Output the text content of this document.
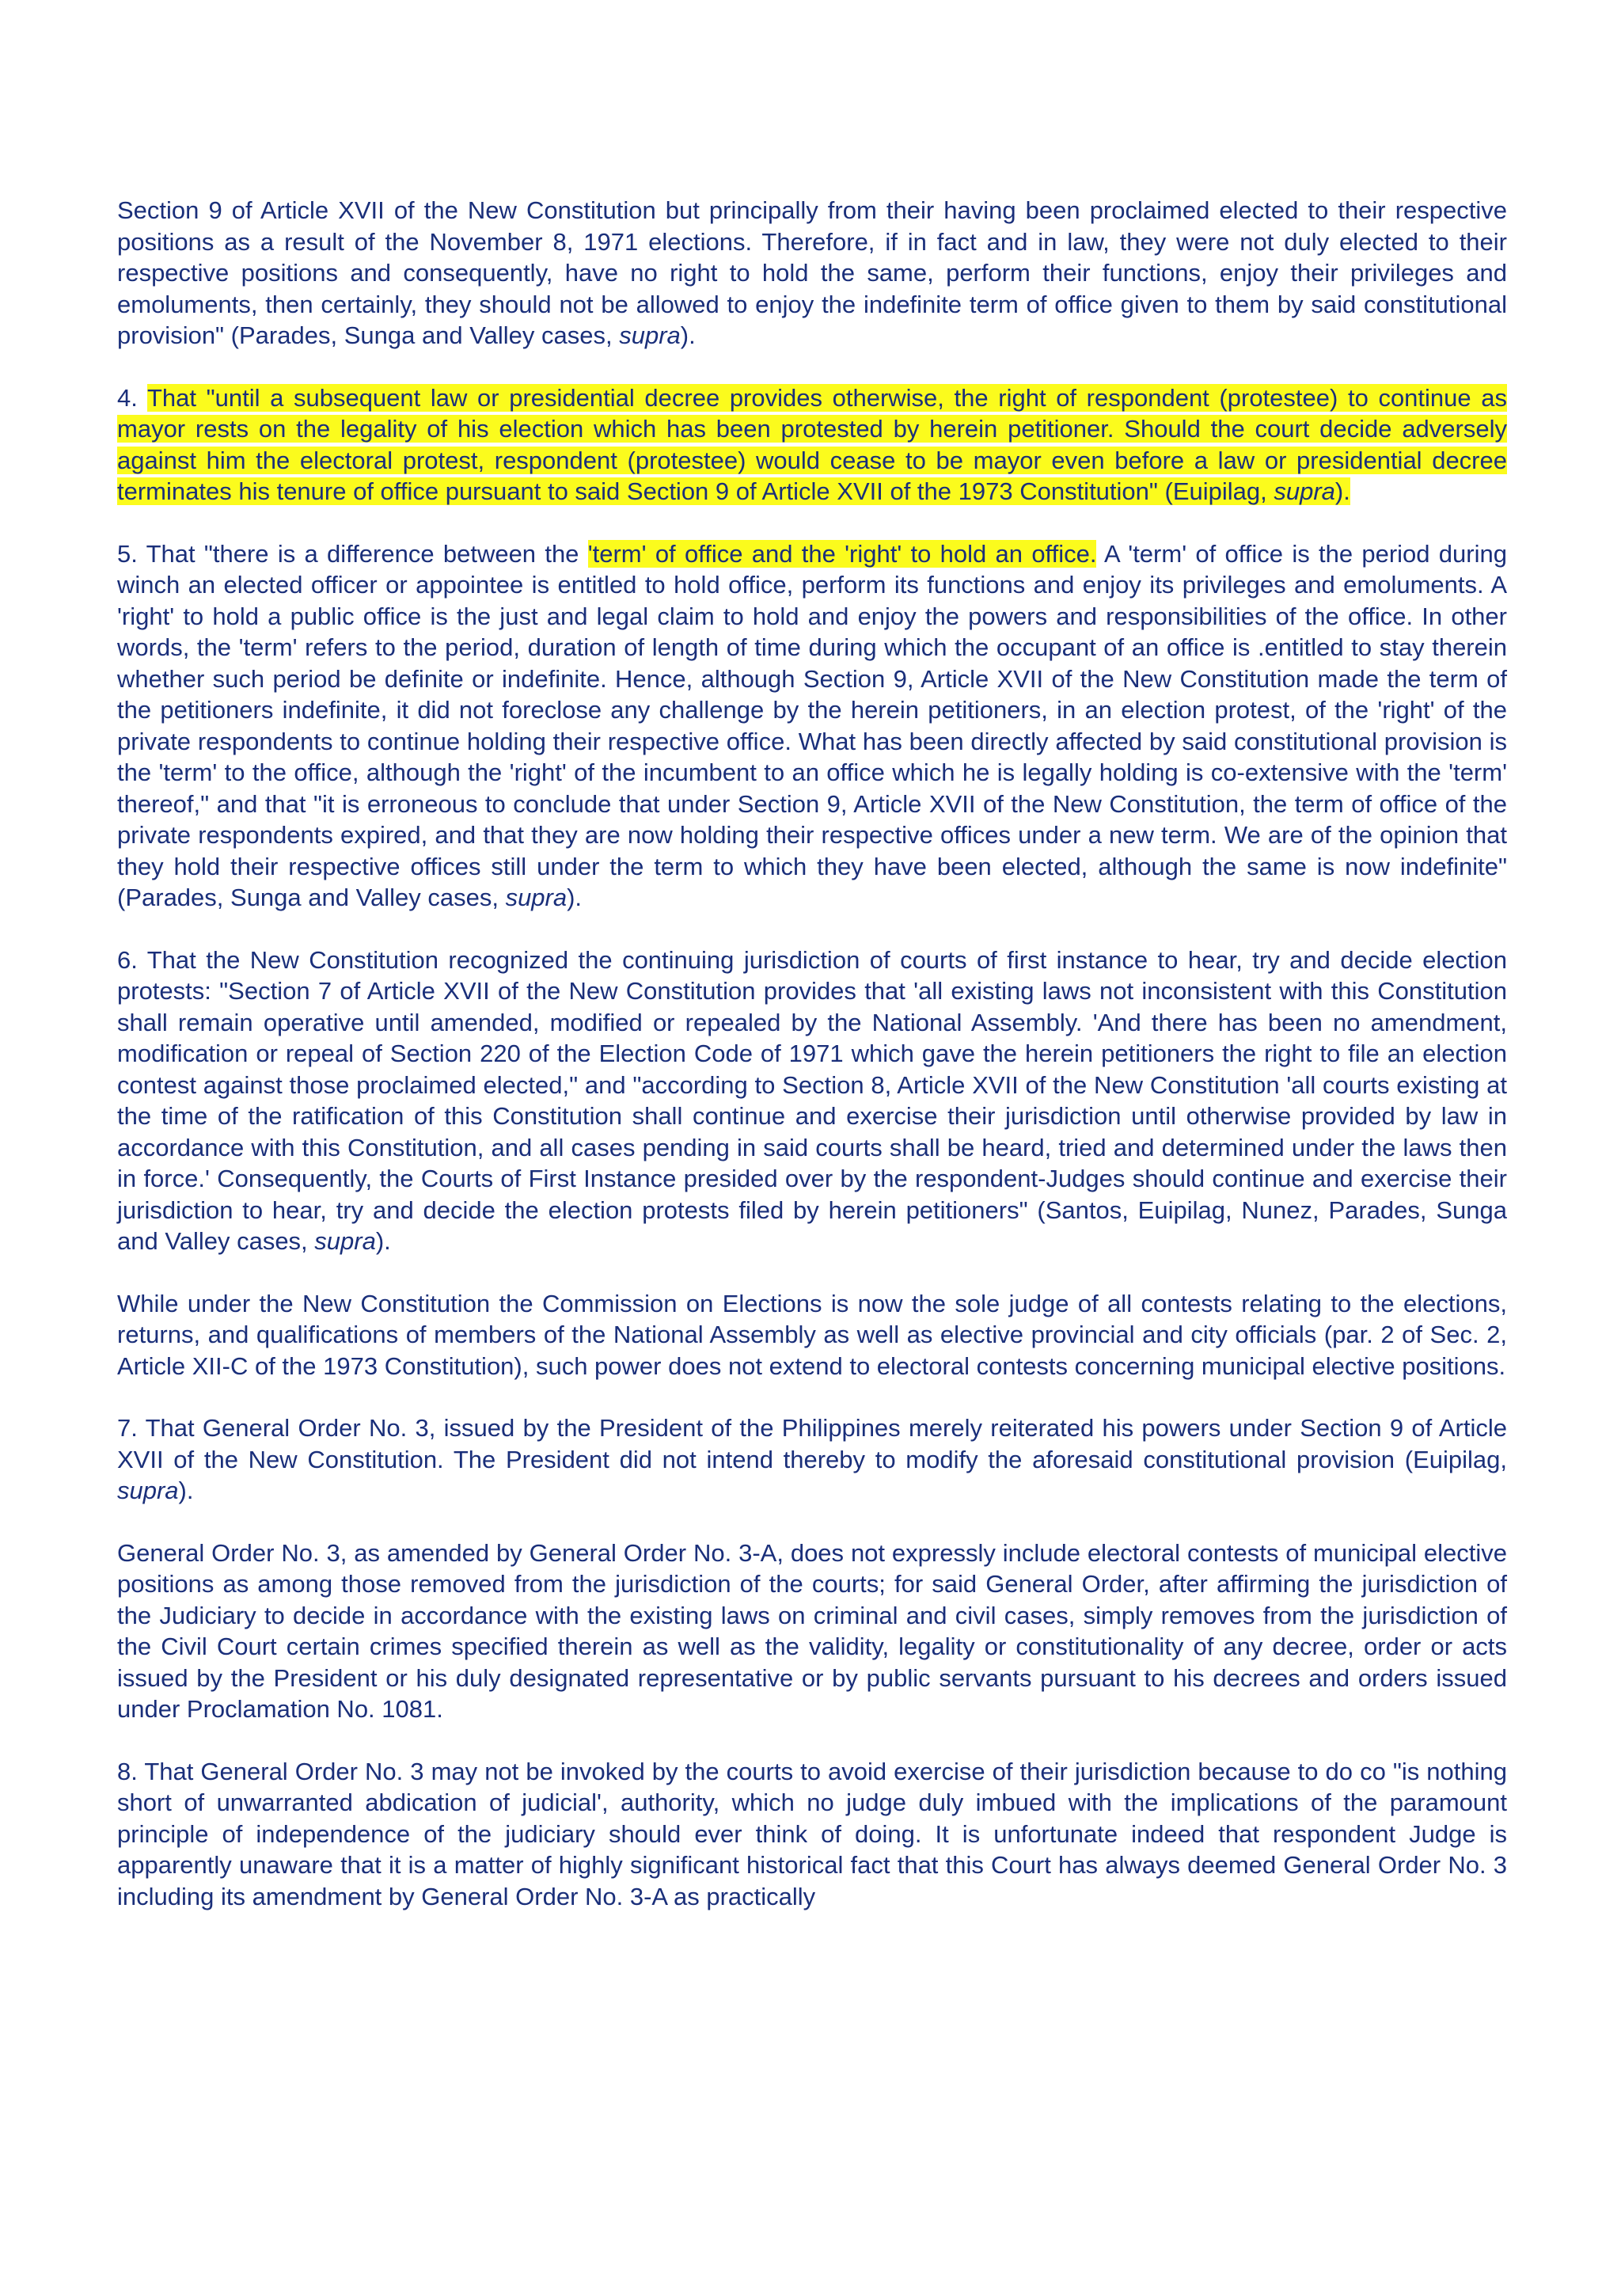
Section 9 of Article XVII of the New Constitution but principally from their having been proclaimed elected to their respective positions as a result of the November 8, 1971 elections. Therefore, if in fact and in law, they were not duly elected to their respective positions and consequently, have no right to hold the same, perform their functions, enjoy their privileges and emoluments, then certainly, they should not be allowed to enjoy the indefinite term of office given to them by said constitutional provision" (Parades, Sunga and Valley cases, supra).

4. That "until a subsequent law or presidential decree provides otherwise, the right of respondent (protestee) to continue as mayor rests on the legality of his election which has been protested by herein petitioner. Should the court decide adversely against him the electoral protest, respondent (protestee) would cease to be mayor even before a law or presidential decree terminates his tenure of office pursuant to said Section 9 of Article XVII of the 1973 Constitution" (Euipilag, supra).

5. That "there is a difference between the 'term' of office and the 'right' to hold an office. A 'term' of office is the period during winch an elected officer or appointee is entitled to hold office, perform its functions and enjoy its privileges and emoluments. A 'right' to hold a public office is the just and legal claim to hold and enjoy the powers and responsibilities of the office. In other words, the 'term' refers to the period, duration of length of time during which the occupant of an office is .entitled to stay therein whether such period be definite or indefinite. Hence, although Section 9, Article XVII of the New Constitution made the term of the petitioners indefinite, it did not foreclose any challenge by the herein petitioners, in an election protest, of the 'right' of the private respondents to continue holding their respective office. What has been directly affected by said constitutional provision is the 'term' to the office, although the 'right' of the incumbent to an office which he is legally holding is co-extensive with the 'term' thereof," and that "it is erroneous to conclude that under Section 9, Article XVII of the New Constitution, the term of office of the private respondents expired, and that they are now holding their respective offices under a new term. We are of the opinion that they hold their respective offices still under the term to which they have been elected, although the same is now indefinite" (Parades, Sunga and Valley cases, supra).

6. That the New Constitution recognized the continuing jurisdiction of courts of first instance to hear, try and decide election protests: "Section 7 of Article XVII of the New Constitution provides that 'all existing laws not inconsistent with this Constitution shall remain operative until amended, modified or repealed by the National Assembly. 'And there has been no amendment, modification or repeal of Section 220 of the Election Code of 1971 which gave the herein petitioners the right to file an election contest against those proclaimed elected," and "according to Section 8, Article XVII of the New Constitution 'all courts existing at the time of the ratification of this Constitution shall continue and exercise their jurisdiction until otherwise provided by law in accordance with this Constitution, and all cases pending in said courts shall be heard, tried and determined under the laws then in force.' Consequently, the Courts of First Instance presided over by the respondent-Judges should continue and exercise their jurisdiction to hear, try and decide the election protests filed by herein petitioners" (Santos, Euipilag, Nunez, Parades, Sunga and Valley cases, supra).

While under the New Constitution the Commission on Elections is now the sole judge of all contests relating to the elections, returns, and qualifications of members of the National Assembly as well as elective provincial and city officials (par. 2 of Sec. 2, Article XII-C of the 1973 Constitution), such power does not extend to electoral contests concerning municipal elective positions.

7. That General Order No. 3, issued by the President of the Philippines merely reiterated his powers under Section 9 of Article XVII of the New Constitution. The President did not intend thereby to modify the aforesaid constitutional provision (Euipilag, supra).

General Order No. 3, as amended by General Order No. 3-A, does not expressly include electoral contests of municipal elective positions as among those removed from the jurisdiction of the courts; for said General Order, after affirming the jurisdiction of the Judiciary to decide in accordance with the existing laws on criminal and civil cases, simply removes from the jurisdiction of the Civil Court certain crimes specified therein as well as the validity, legality or constitutionality of any decree, order or acts issued by the President or his duly designated representative or by public servants pursuant to his decrees and orders issued under Proclamation No. 1081.

8. That General Order No. 3 may not be invoked by the courts to avoid exercise of their jurisdiction because to do co "is nothing short of unwarranted abdication of judicial', authority, which no judge duly imbued with the implications of the paramount principle of independence of the judiciary should ever think of doing. It is unfortunate indeed that respondent Judge is apparently unaware that it is a matter of highly significant historical fact that this Court has always deemed General Order No. 3 including its amendment by General Order No. 3-A as practically
